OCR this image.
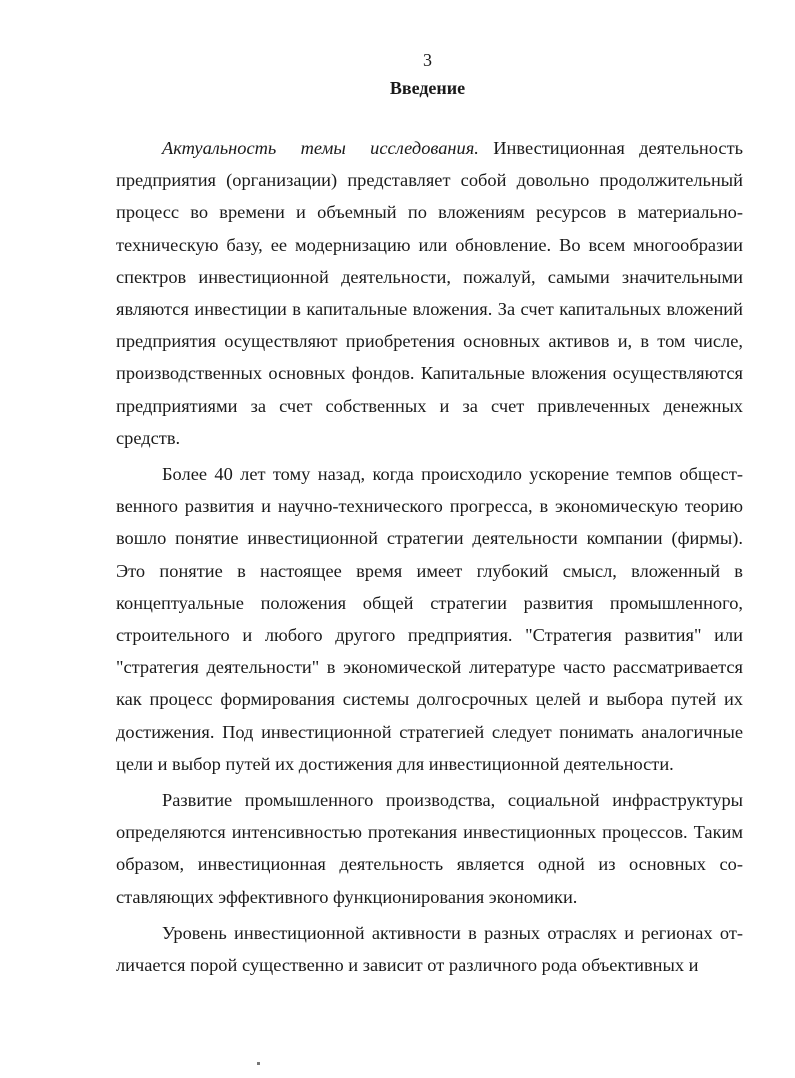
3
Введение

Актуальность темы исследования. Инвестиционная деятельность предприятия (организации) представляет собой довольно продолжительный процесс во времени и объемный по вложениям ресурсов в материально-техническую базу, ее модернизацию или обновление. Во всем многообразии спектров инвестиционной деятельности, пожалуй, самыми значительными являются инвестиции в капитальные вложения. За счет капитальных вложений предприятия осуществляют приобретения основных активов и, в том числе, производственных основных фондов. Капитальные вложения осуществляются предприятиями за счет собственных и за счет привлеченных денежных средств.

Более 40 лет тому назад, когда происходило ускорение темпов общественного развития и научно-технического прогресса, в экономическую теорию вошло понятие инвестиционной стратегии деятельности компании (фирмы). Это понятие в настоящее время имеет глубокий смысл, вложенный в концептуальные положения общей стратегии развития промышленного, строительного и любого другого предприятия. "Стратегия развития" или "стратегия деятельности" в экономической литературе часто рассматривается как процесс формирования системы долгосрочных целей и выбора путей их достижения. Под инвестиционной стратегией следует понимать аналогичные цели и выбор путей их достижения для инвестиционной деятельности.

Развитие промышленного производства, социальной инфраструктуры определяются интенсивностью протекания инвестиционных процессов. Таким образом, инвестиционная деятельность является одной из основных составляющих эффективного функционирования экономики.

Уровень инвестиционной активности в разных отраслях и регионах отличается порой существенно и зависит от различного рода объективных и
